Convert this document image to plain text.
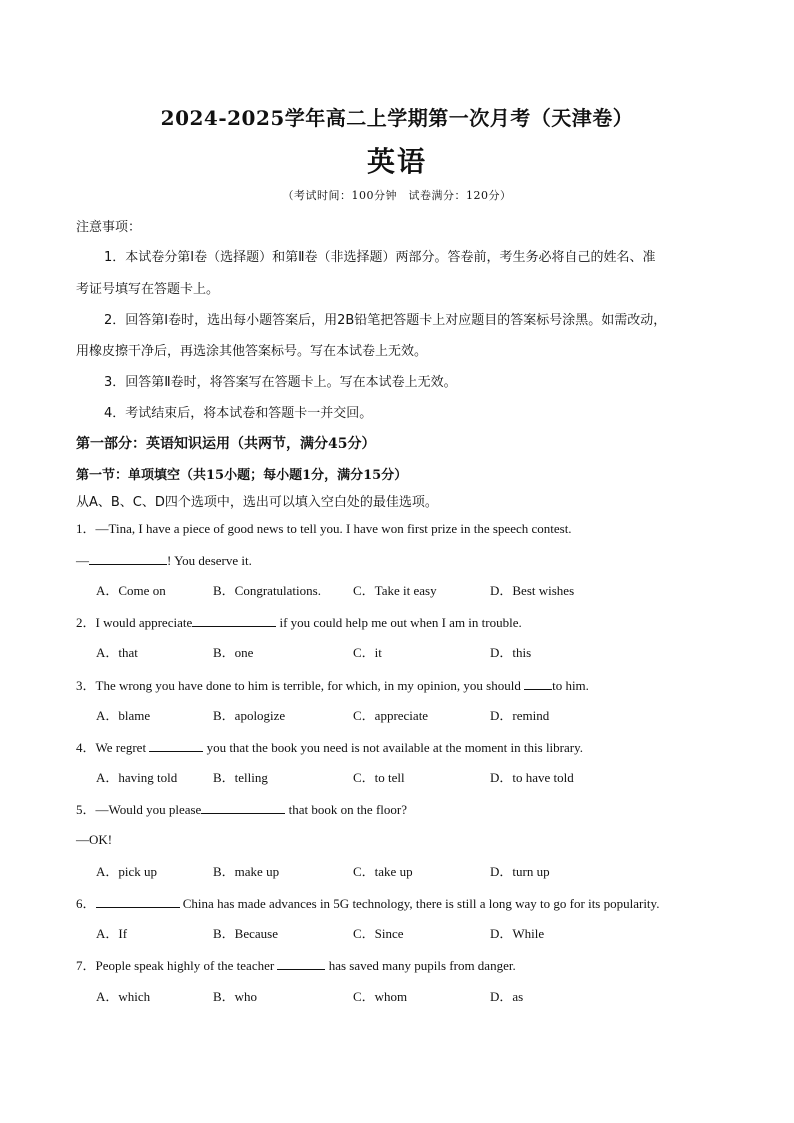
2024-2025学年高二上学期第一次月考（天津卷）
英语
（考试时间：100分钟　试卷满分：120分）
注意事项：
1．本试卷分第Ⅰ卷（选择题）和第Ⅱ卷（非选择题）两部分。答卷前，考生务必将自己的姓名、准
考证号填写在答题卡上。
2．回答第Ⅰ卷时，选出每小题答案后，用2B铅笔把答题卡上对应题目的答案标号涂黑。如需改动，
用橡皮擦干净后，再选涂其他答案标号。写在本试卷上无效。
3．回答第Ⅱ卷时，将答案写在答题卡上。写在本试卷上无效。
4．考试结束后，将本试卷和答题卡一并交回。
第一部分：英语知识运用（共两节，满分45分）
第一节：单项填空（共15小题；每小题1分，满分15分）
从A、B、C、D四个选项中，选出可以填入空白处的最佳选项。
1．—Tina, I have a piece of good news to tell you. I have won first prize in the speech contest.
—	! You deserve it.
A．Come on	B．Congratulations. C．Take it easy	D．Best wishes
2．I would appreciate	if you could help me out when I am in trouble.
A．that	B．one	C．it	D．this
3．The wrong you have done to him is terrible, for which, in my opinion, you should to him.
A．blame	B．apologize	C．appreciate	D．remind
4．We regret	you that the book you need is not available at the moment in this library.
A．having told	B．telling	C．to tell	D．to have told
5．—Would you please	that book on the floor?
—OK!
A．pick up	B．make up	C．take up	D．turn up
6．	China has made advances in 5G technology, there is still a long way to go for its popularity.
A．If	B．Because	C．Since	D．While
7．People speak highly of the teacher	has saved many pupils from danger.
A．which	B．who	C．whom	D．as
